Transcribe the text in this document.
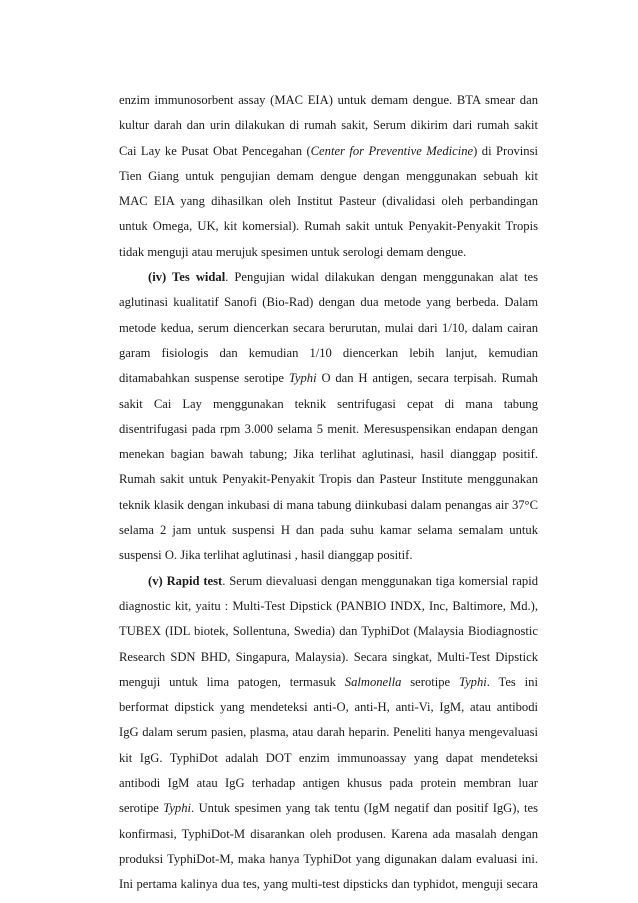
enzim immunosorbent assay (MAC EIA) untuk demam dengue. BTA smear dan
kultur darah dan urin dilakukan di rumah sakit, Serum dikirim dari rumah sakit
Cai Lay ke Pusat Obat Pencegahan (Center for Preventive Medicine) di Provinsi
Tien Giang untuk pengujian demam dengue dengan menggunakan sebuah kit
MAC EIA yang dihasilkan oleh Institut Pasteur (divalidasi oleh perbandingan
untuk Omega, UK, kit komersial). Rumah sakit untuk Penyakit-Penyakit Tropis
tidak menguji atau merujuk spesimen untuk serologi demam dengue.
(iv) Tes widal. Pengujian widal dilakukan dengan menggunakan alat tes
aglutinasi kualitatif Sanofi (Bio-Rad) dengan dua metode yang berbeda. Dalam
metode kedua, serum diencerkan secara berurutan, mulai dari 1/10, dalam cairan
garam fisiologis dan kemudian 1/10 diencerkan lebih lanjut, kemudian
ditamabahkan suspense serotipe Typhi O dan H antigen, secara terpisah. Rumah
sakit Cai Lay menggunakan teknik sentrifugasi cepat di mana tabung
disentrifugasi pada rpm 3.000 selama 5 menit. Meresuspensikan endapan dengan
menekan bagian bawah tabung; Jika terlihat aglutinasi, hasil dianggap positif.
Rumah sakit untuk Penyakit-Penyakit Tropis dan Pasteur Institute menggunakan
teknik klasik dengan inkubasi di mana tabung diinkubasi dalam penangas air 37°C
selama 2 jam untuk suspensi H dan pada suhu kamar selama semalam untuk
suspensi O. Jika terlihat aglutinasi , hasil dianggap positif.
(v) Rapid test. Serum dievaluasi dengan menggunakan tiga komersial rapid
diagnostic kit, yaitu : Multi-Test Dipstick (PANBIO INDX, Inc, Baltimore, Md.),
TUBEX (IDL biotek, Sollentuna, Swedia) dan TyphiDot (Malaysia Biodiagnostic
Research SDN BHD, Singapura, Malaysia). Secara singkat, Multi-Test Dipstick
menguji untuk lima patogen, termasuk Salmonella serotipe Typhi. Tes ini
berformat dipstick yang mendeteksi anti-O, anti-H, anti-Vi, IgM, atau antibodi
IgG dalam serum pasien, plasma, atau darah heparin. Peneliti hanya mengevaluasi
kit IgG. TyphiDot adalah DOT enzim immunoassay yang dapat mendeteksi
antibodi IgM atau IgG terhadap antigen khusus pada protein membran luar
serotipe Typhi. Untuk spesimen yang tak tentu (IgM negatif dan positif IgG), tes
konfirmasi, TyphiDot-M disarankan oleh produsen. Karena ada masalah dengan
produksi TyphiDot-M, maka hanya TyphiDot yang digunakan dalam evaluasi ini.
Ini pertama kalinya dua tes, yang multi-test dipsticks dan typhidot, menguji secara
